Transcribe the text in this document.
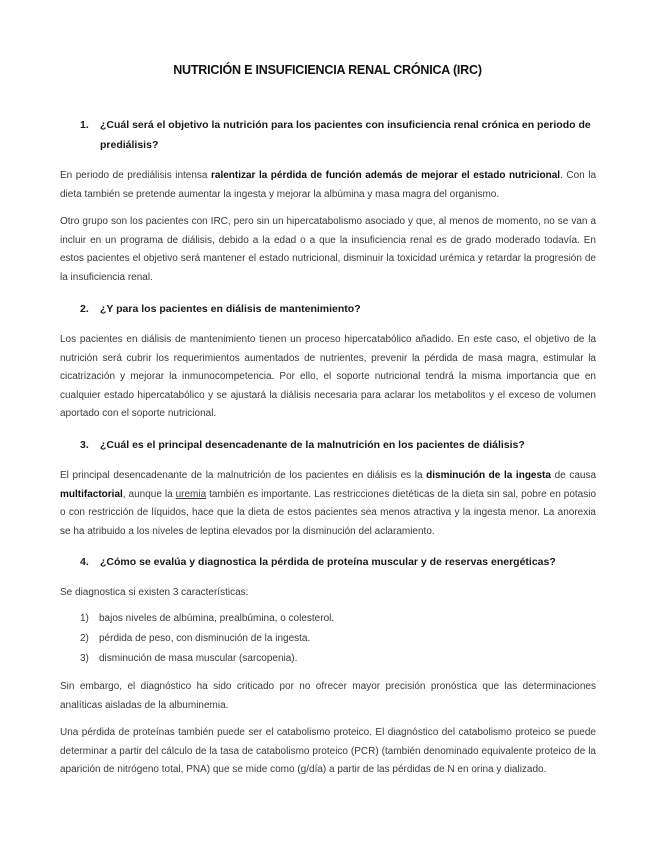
NUTRICIÓN E INSUFICIENCIA RENAL CRÓNICA (IRC)
1. ¿Cuál será el objetivo la nutrición para los pacientes con insuficiencia renal crónica en periodo de
prediálisis?
En periodo de prediálisis intensa ralentizar la pérdida de función además de mejorar el estado nutricional. Con la dieta también se pretende aumentar la ingesta y mejorar la albúmina y masa magra del organismo.
Otro grupo son los pacientes con IRC, pero sin un hipercatabolismo asociado y que, al menos de momento, no se van a incluir en un programa de diálisis, debido a la edad o a que la insuficiencia renal es de grado moderado todavía. En estos pacientes el objetivo será mantener el estado nutricional, disminuir la toxicidad urémica y retardar la progresión de la insuficiencia renal.
2. ¿Y para los pacientes en diálisis de mantenimiento?
Los pacientes en diálisis de mantenimiento tienen un proceso hipercatabólico añadido. En este caso, el objetivo de la nutrición será cubrir los requerimientos aumentados de nutrientes, prevenir la pérdida de masa magra, estimular la cicatrización y mejorar la inmunocompetencia. Por ello, el soporte nutricional tendrá la misma importancia que en cualquier estado hipercatabólico y se ajustará la diálisis necesaria para aclarar los metabolitos y el exceso de volumen aportado con el soporte nutricional.
3. ¿Cuál es el principal desencadenante de la malnutrición en los pacientes de diálisis?
El principal desencadenante de la malnutrición de los pacientes en diálisis es la disminución de la ingesta de causa multifactorial, aunque la uremia también es importante. Las restricciones dietéticas de la dieta sin sal, pobre en potasio o con restricción de líquidos, hace que la dieta de estos pacientes sea menos atractiva y la ingesta menor. La anorexia se ha atribuido a los niveles de leptina elevados por la disminución del aclaramiento.
4. ¿Cómo se evalúa y diagnostica la pérdida de proteína muscular y de reservas energéticas?
Se diagnostica si existen 3 características:
1) bajos niveles de albúmina, prealbúmina, o colesterol.
2) pérdida de peso, con disminución de la ingesta.
3) disminución de masa muscular (sarcopenia).
Sin embargo, el diagnóstico ha sido criticado por no ofrecer mayor precisión pronóstica que las determinaciones analíticas aisladas de la albuminemia.
Una pérdida de proteínas también puede ser el catabolismo proteico. El diagnóstico del catabolismo proteico se puede determinar a partir del cálculo de la tasa de catabolismo proteico (PCR) (también denominado equivalente proteico de la aparición de nitrógeno total, PNA) que se mide como (g/día) a partir de las pérdidas de N en orina y dializado.
